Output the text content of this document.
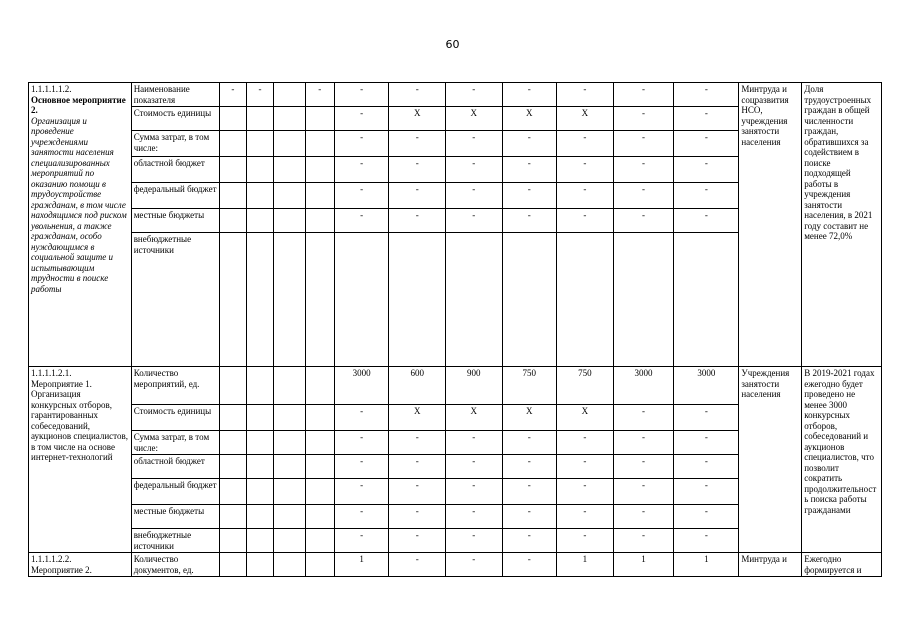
60
1.1.1.1.1.2.
Основное мероприятие 2.
Организация и проведение учреждениями занятости населения специализированных мероприятий по оказанию помощи в трудоустройстве гражданам, в том числе находящимся под риском увольнения, а также гражданам, особо нуждающимся в социальной защите и испытывающим трудности в поиске работы	Наименование показателя	-	-		-	-	-	-	-	-	-	-	Минтруда и соцразвития НСО, учреждения занятости населения	Доля трудоустроенных граждан в общей численности граждан, обратившихся за содействием в поиске подходящей работы в учреждения занятости населения, в 2021 году составит не менее 72,0%
	Стоимость единицы					-	X	X	X	X	-	-		
	Сумма затрат, в том числе:					-	-	-	-	-	-	-		
	областной бюджет					-	-	-	-	-	-	-		
	федеральный бюджет					-	-	-	-	-	-	-		
	местные бюджеты					-	-	-	-	-	-	-		
	внебюджетные источники													

1.1.1.1.2.1.
Мероприятие 1.
Организация конкурсных отборов, гарантированных собеседований, аукционов специалистов, в том числе на основе интернет-технологий	Количество мероприятий, ед.					3000	600	900	750	750	3000	3000	Учреждения занятости населения	В 2019-2021 годах ежегодно будет проведено не менее 3000 конкурсных отборов, собеседований и аукционов специалистов, что позволит сократить продолжительность поиска работы гражданами
	Стоимость единицы					-	X	X	X	X	-	-		
	Сумма затрат, в том числе:					-	-	-	-	-	-	-		
	областной бюджет					-	-	-	-	-	-	-		
	федеральный бюджет					-	-	-	-	-	-	-		
	местные бюджеты					-	-	-	-	-	-	-		
	внебюджетные источники					-	-	-	-	-	-	-		

1.1.1.1.2.2.
Мероприятие 2.	Количество документов, ед.					1	-	-	-	1	1	1	Минтруда и	Ежегодно формируется и
